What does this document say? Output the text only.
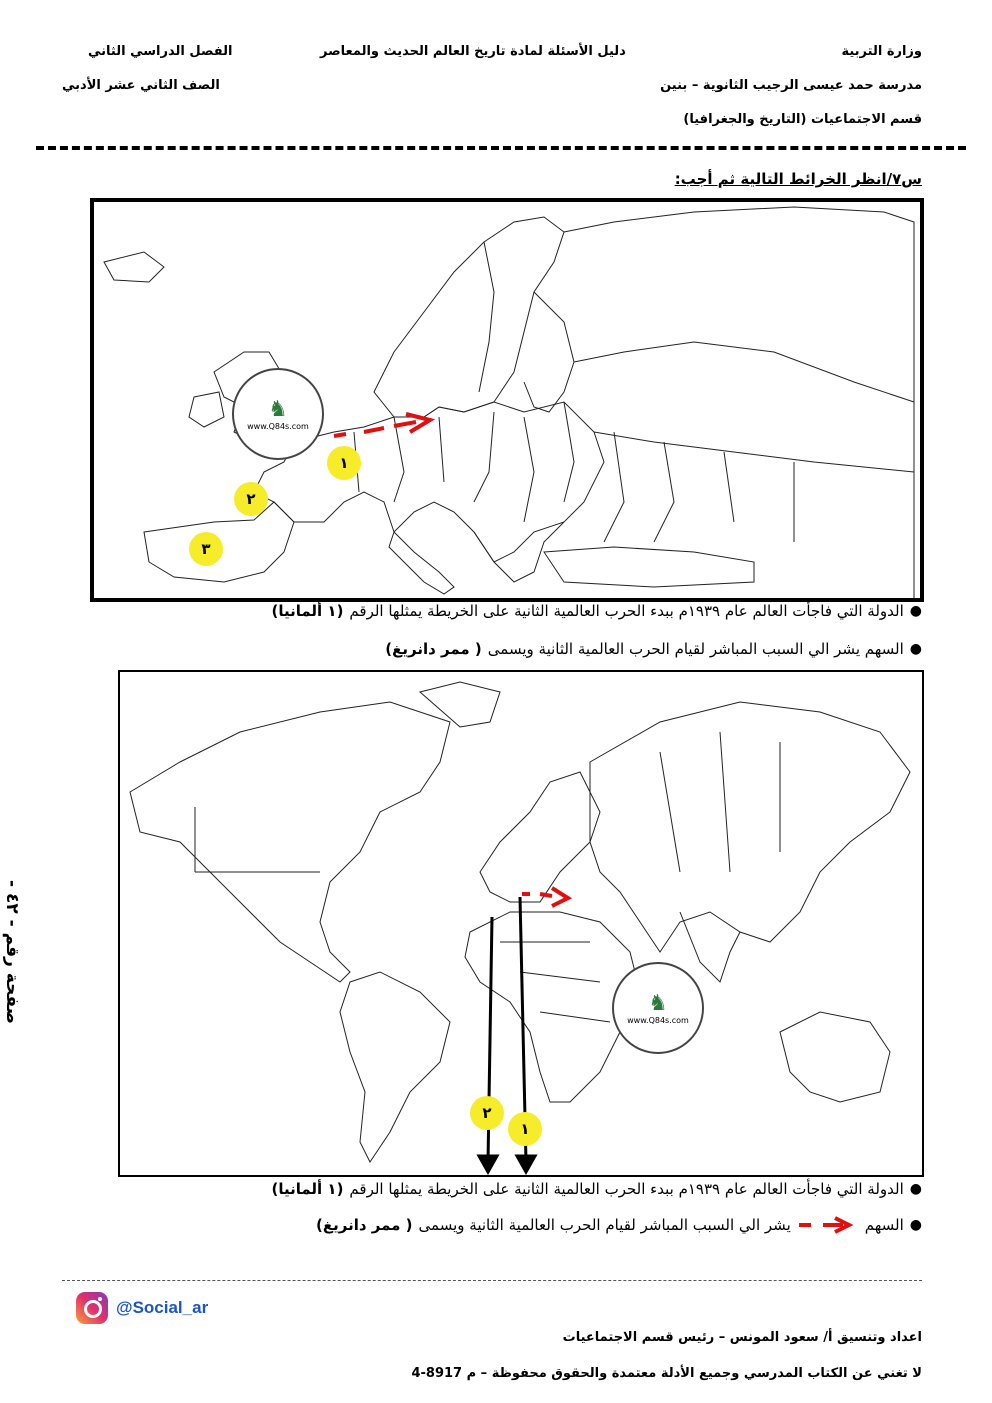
وزارة التربية
مدرسة حمد عيسى الرجيب الثانوية – بنين
قسم الاجتماعيات (التاريخ والجغرافيا)
دليل الأسئلة لمادة تاريخ العالم الحديث والمعاصر
الفصل الدراسي الثاني
الصف الثاني عشر الأدبي
س٧/انظر الخرائط التالية ثم أجب:
♞
www.Q84s.com
١
٢
٣
●
الدولة التي فاجأت العالم عام ١٩٣٩م ببدء الحرب العالمية الثانية على الخريطة يمثلها الرقم
(١ ألمانيا)
●
السهم يشر الي السبب المباشر لقيام الحرب العالمية الثانية ويسمى
( ممر دانريغ)
♞
www.Q84s.com
٢
١
●
الدولة التي فاجأت العالم عام ١٩٣٩م ببدء الحرب العالمية الثانية على الخريطة يمثلها الرقم
(١ ألمانيا)
●
السهم
يشر الي السبب المباشر لقيام الحرب العالمية الثانية ويسمى
( ممر دانريغ)
صفحة رقم - ٤٢ -
@Social_ar
اعداد وتنسيق أ/ سعود المونس – رئيس قسم الاجتماعيات
لا تغني عن الكتاب المدرسي وجميع الأدلة معتمدة والحقوق محفوظة – م 8917-4
